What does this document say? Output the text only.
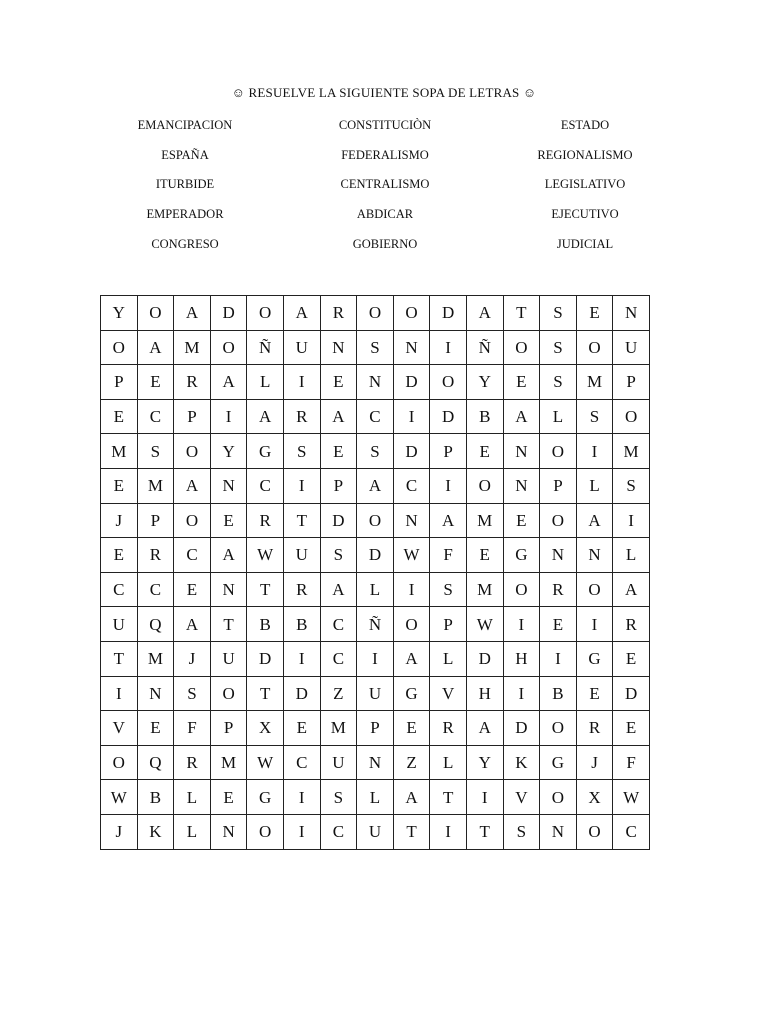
☺ RESUELVE LA SIGUIENTE SOPA DE LETRAS ☺
EMANCIPACION	CONSTITUCIÒN	ESTADO
ESPAÑA	FEDERALISMO	REGIONALISMO
ITURBIDE	CENTRALISMO	LEGISLATIVO
EMPERADOR	ABDICAR	EJECUTIVO
CONGRESO	GOBIERNO	JUDICIAL
Y	O	A	D	O	A	R	O	O	D	A	T	S	E	N
O	A	M	O	Ñ	U	N	S	N	I	Ñ	O	S	O	U
P	E	R	A	L	I	E	N	D	O	Y	E	S	M	P
E	C	P	I	A	R	A	C	I	D	B	A	L	S	O
M	S	O	Y	G	S	E	S	D	P	E	N	O	I	M
E	M	A	N	C	I	P	A	C	I	O	N	P	L	S
J	P	O	E	R	T	D	O	N	A	M	E	O	A	I
E	R	C	A	W	U	S	D	W	F	E	G	N	N	L
C	C	E	N	T	R	A	L	I	S	M	O	R	O	A
U	Q	A	T	B	B	C	Ñ	O	P	W	I	E	I	R
T	M	J	U	D	I	C	I	A	L	D	H	I	G	E
I	N	S	O	T	D	Z	U	G	V	H	I	B	E	D
V	E	F	P	X	E	M	P	E	R	A	D	O	R	E
O	Q	R	M	W	C	U	N	Z	L	Y	K	G	J	F
W	B	L	E	G	I	S	L	A	T	I	V	O	X	W
J	K	L	N	O	I	C	U	T	I	T	S	N	O	C
